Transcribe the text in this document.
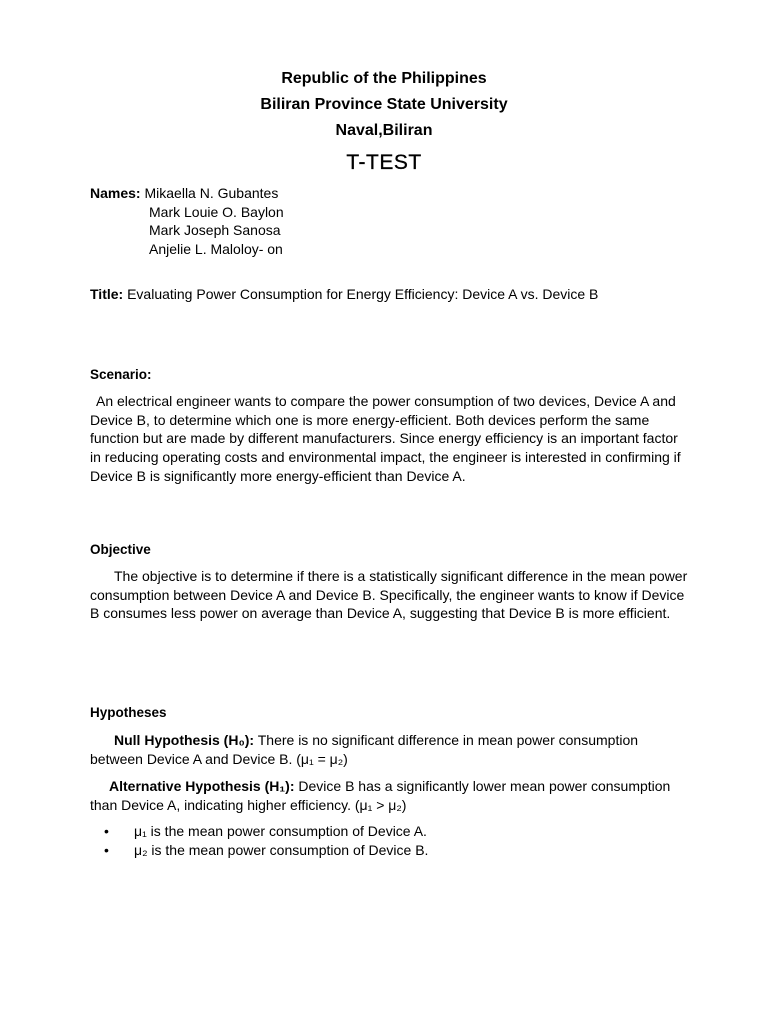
Republic of the Philippines
Biliran Province State University
Naval,Biliran
T-TEST
Names: Mikaella N. Gubantes
Mark Louie O. Baylon
Mark Joseph Sanosa
Anjelie L. Maloloy- on
Title: Evaluating Power Consumption for Energy Efficiency: Device A vs. Device B
Scenario:
An electrical engineer wants to compare the power consumption of two devices, Device A and Device B, to determine which one is more energy-efficient. Both devices perform the same function but are made by different manufacturers. Since energy efficiency is an important factor in reducing operating costs and environmental impact, the engineer is interested in confirming if Device B is significantly more energy-efficient than Device A.
Objective
The objective is to determine if there is a statistically significant difference in the mean power consumption between Device A and Device B. Specifically, the engineer wants to know if Device B consumes less power on average than Device A, suggesting that Device B is more efficient.
Hypotheses
Null Hypothesis (H₀): There is no significant difference in mean power consumption between Device A and Device B. (μ₁ = μ₂)
Alternative Hypothesis (H₁): Device B has a significantly lower mean power consumption than Device A, indicating higher efficiency. (μ₁ > μ₂)
•	μ₁ is the mean power consumption of Device A.
•	μ₂ is the mean power consumption of Device B.
